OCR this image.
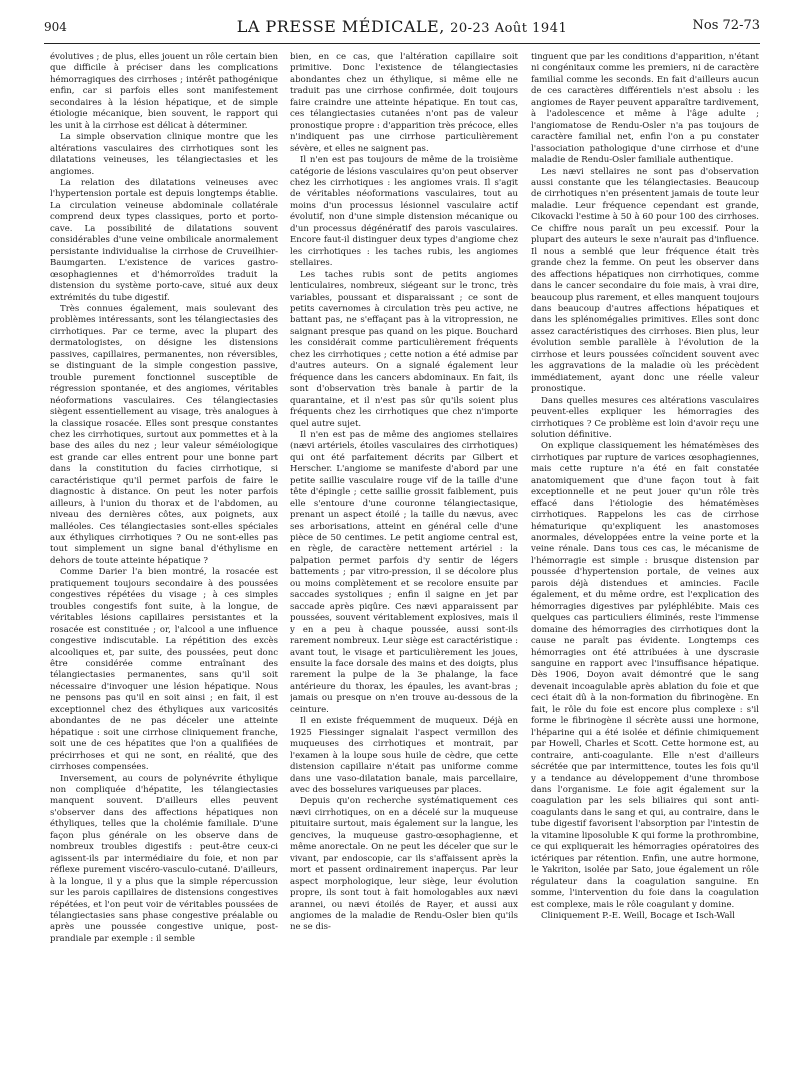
904	LA PRESSE MÉDICALE, 20-23 Août 1941	Nos 72-73

évolutives ; de plus, elles jouent un rôle certain bien que difficile à préciser dans les complications hémorragiques des cirrhoses ; intérêt pathogénique enfin, car si parfois elles sont manifestement secondaires à la lésion hépatique, et de simple étiologie mécanique, bien souvent, le rapport qui les unit à la cirrhose est délicat à déterminer.

La simple observation clinique montre que les altérations vasculaires des cirrhotiques sont les dilatations veineuses, les télangiectasies et les angiomes.

La relation des dilatations veineuses avec l'hypertension portale est depuis longtemps établie. La circulation veineuse abdominale collatérale comprend deux types classiques, porto et porto-cave. La possibilité de dilatations souvent considérables d'une veine ombilicale anormalement persistante individualise la cirrhose de Cruveilhier-Baumgarten. L'existence de varices gastro-œsophagiennes et d'hémorroïdes traduit la distension du système porto-cave, situé aux deux extrémités du tube digestif.

Très connues également, mais soulevant des problèmes intéressants, sont les télangiectasies des cirrhotiques. Par ce terme, avec la plupart des dermatologistes, on désigne les distensions passives, capillaires, permanentes, non réversibles, se distinguant de la simple congestion passive, trouble purement fonctionnel susceptible de régression spontanée, et des angiomes, véritables néoformations vasculaires. Ces télangiectasies siègent essentiellement au visage, très analogues à la classique rosacée. Elles sont presque constantes chez les cirrhotiques, surtout aux pommettes et à la base des ailes du nez ; leur valeur séméiologique est grande car elles entrent pour une bonne part dans la constitution du facies cirrhotique, si caractéristique qu'il permet parfois de faire le diagnostic à distance. On peut les noter parfois ailleurs, à l'union du thorax et de l'abdomen, au niveau des dernières côtes, aux poignets, aux malléoles. Ces télangiectasies sont-elles spéciales aux éthyliques cirrhotiques ? Ou ne sont-elles pas tout simplement un signe banal d'éthylisme en dehors de toute atteinte hépatique ?

Comme Darier l'a bien montré, la rosacée est pratiquement toujours secondaire à des poussées congestives répétées du visage ; à ces simples troubles congestifs font suite, à la longue, de véritables lésions capillaires persistantes et la rosacée est constituée ; or, l'alcool a une influence congestive indiscutable. La répétition des excès alcooliques et, par suite, des poussées, peut donc être considérée comme entraînant des télangiectasies permanentes, sans qu'il soit nécessaire d'invoquer une lésion hépatique. Nous ne pensons pas qu'il en soit ainsi ; en fait, il est exceptionnel chez des éthyliques aux varicosités abondantes de ne pas déceler une atteinte hépatique : soit une cirrhose cliniquement franche, soit une de ces hépatites que l'on a qualifiées de précirrhoses et qui ne sont, en réalité, que des cirrhoses compensées.

Inversement, au cours de polynévrite éthylique non compliquée d'hépatite, les télangiectasies manquent souvent. D'ailleurs elles peuvent s'observer dans des affections hépatiques non éthyliques, telles que la cholémie familiale. D'une façon plus générale on les observe dans de nombreux troubles digestifs : peut-être ceux-ci agissent-ils par intermédiaire du foie, et non par réflexe purement viscéro-vasculo-cutané. D'ailleurs, à la longue, il y a plus que la simple répercussion sur les parois capillaires de distensions congestives répétées, et l'on peut voir de véritables poussées de télangiectasies sans phase congestive préalable ou après une poussée congestive unique, post-prandiale par exemple : il semble

bien, en ce cas, que l'altération capillaire soit primitive. Donc l'existence de télangiectasies abondantes chez un éthylique, si même elle ne traduit pas une cirrhose confirmée, doit toujours faire craindre une atteinte hépatique. En tout cas, ces télangiectasies cutanées n'ont pas de valeur pronostique propre : d'apparition très précoce, elles n'indiquent pas une cirrhose particulièrement sévère, et elles ne saignent pas.

Il n'en est pas toujours de même de la troisième catégorie de lésions vasculaires qu'on peut observer chez les cirrhotiques : les angiomes vrais. Il s'agit de véritables néoformations vasculaires, tout au moins d'un processus lésionnel vasculaire actif évolutif, non d'une simple distension mécanique ou d'un processus dégénératif des parois vasculaires. Encore faut-il distinguer deux types d'angiome chez les cirrhotiques : les taches rubis, les angiomes stellaires.

Les taches rubis sont de petits angiomes lenticulaires, nombreux, siégeant sur le tronc, très variables, poussant et disparaissant ; ce sont de petits cavernomes à circulation très peu active, ne battant pas, ne s'effaçant pas à la vitropression, ne saignant presque pas quand on les pique. Bouchard les considérait comme particulièrement fréquents chez les cirrhotiques ; cette notion a été admise par d'autres auteurs. On a signalé également leur fréquence dans les cancers abdominaux. En fait, ils sont d'observation très banale à partir de la quarantaine, et il n'est pas sûr qu'ils soient plus fréquents chez les cirrhotiques que chez n'importe quel autre sujet.

Il n'en est pas de même des angiomes stellaires (nævi artériels, étoiles vasculaires des cirrhotiques) qui ont été parfaitement décrits par Gilbert et Herscher. L'angiome se manifeste d'abord par une petite saillie vasculaire rouge vif de la taille d'une tête d'épingle ; cette saillie grossit faiblement, puis elle s'entoure d'une couronne télangiectasique, prenant un aspect étoilé ; la taille du nævus, avec ses arborisations, atteint en général celle d'une pièce de 50 centimes. Le petit angiome central est, en règle, de caractère nettement artériel : la palpation permet parfois d'y sentir de légers battements ; par vitro-pression, il se décolore plus ou moins complètement et se recolore ensuite par saccades systoliques ; enfin il saigne en jet par saccade après piqûre. Ces nævi apparaissent par poussées, souvent véritablement explosives, mais il y en a peu à chaque poussée, aussi sont-ils rarement nombreux. Leur siège est caractéristique : avant tout, le visage et particulièrement les joues, ensuite la face dorsale des mains et des doigts, plus rarement la pulpe de la 3e phalange, la face antérieure du thorax, les épaules, les avant-bras ; jamais ou presque on n'en trouve au-dessous de la ceinture.

Il en existe fréquemment de muqueux. Déjà en 1925 Fiessinger signalait l'aspect vermillon des muqueuses des cirrhotiques et montrait, par l'examen à la loupe sous huile de cèdre, que cette distension capillaire n'était pas uniforme comme dans une vaso-dilatation banale, mais parcellaire, avec des bosselures variqueuses par places.

Depuis qu'on recherche systématiquement ces nævi cirrhotiques, on en a décelé sur la muqueuse pituitaire surtout, mais également sur la langue, les gencives, la muqueuse gastro-œsophagienne, et même anorectale. On ne peut les déceler que sur le vivant, par endoscopie, car ils s'affaissent après la mort et passent ordinairement inaperçus. Par leur aspect morphologique, leur siège, leur évolution propre, ils sont tout à fait homologables aux nævi arannei, ou nævi étoilés de Rayer, et aussi aux angiomes de la maladie de Rendu-Osler bien qu'ils ne se dis-

tinguent que par les conditions d'apparition, n'étant ni congénitaux comme les premiers, ni de caractère familial comme les seconds. En fait d'ailleurs aucun de ces caractères différentiels n'est absolu : les angiomes de Rayer peuvent apparaître tardivement, à l'adolescence et même à l'âge adulte ; l'angiomatose de Rendu-Osler n'a pas toujours de caractère familial net, enfin l'on a pu constater l'association pathologique d'une cirrhose et d'une maladie de Rendu-Osler familiale authentique.

Les nævi stellaires ne sont pas d'observation aussi constante que les télangiectasies. Beaucoup de cirrhotiques n'en présentent jamais de toute leur maladie. Leur fréquence cependant est grande, Cikovacki l'estime à 50 à 60 pour 100 des cirrhoses. Ce chiffre nous paraît un peu excessif. Pour la plupart des auteurs le sexe n'aurait pas d'influence. Il nous a semblé que leur fréquence était très grande chez la femme. On peut les observer dans des affections hépatiques non cirrhotiques, comme dans le cancer secondaire du foie mais, à vrai dire, beaucoup plus rarement, et elles manquent toujours dans beaucoup d'autres affections hépatiques et dans les splénomégalies primitives. Elles sont donc assez caractéristiques des cirrhoses. Bien plus, leur évolution semble parallèle à l'évolution de la cirrhose et leurs poussées coïncident souvent avec les aggravations de la maladie où les précèdent immédiatement, ayant donc une réelle valeur pronostique.

Dans quelles mesures ces altérations vasculaires peuvent-elles expliquer les hémorragies des cirrhotiques ? Ce problème est loin d'avoir reçu une solution définitive.

On explique classiquement les hématémèses des cirrhotiques par rupture de varices œsophagiennes, mais cette rupture n'a été en fait constatée anatomiquement que d'une façon tout à fait exceptionnelle et ne peut jouer qu'un rôle très effacé dans l'étiologie des hématémèses cirrhotiques. Rappelons les cas de cirrhose hématurique qu'expliquent les anastomoses anormales, développées entre la veine porte et la veine rénale. Dans tous ces cas, le mécanisme de l'hémorragie est simple : brusque distension par poussée d'hypertension portale, de veines aux parois déjà distendues et amincies. Facile également, et du même ordre, est l'explication des hémorragies digestives par pyléphlébite. Mais ces quelques cas particuliers éliminés, reste l'immense domaine des hémorragies des cirrhotiques dont la cause ne paraît pas évidente. Longtemps ces hémorragies ont été attribuées à une dyscrasie sanguine en rapport avec l'insuffisance hépatique. Dès 1906, Doyon avait démontré que le sang devenait incoagulable après ablation du foie et que ceci était dû à la non-formation du fibrinogène. En fait, le rôle du foie est encore plus complexe : s'il forme le fibrinogène il sécrète aussi une hormone, l'héparine qui a été isolée et définie chimiquement par Howell, Charles et Scott. Cette hormone est, au contraire, anti-coagulante. Elle n'est d'ailleurs sécrétée que par intermittence, toutes les fois qu'il y a tendance au développement d'une thrombose dans l'organisme. Le foie agit également sur la coagulation par les sels biliaires qui sont anti-coagulants dans le sang et qui, au contraire, dans le tube digestif favorisent l'absorption par l'intestin de la vitamine liposoluble K qui forme la prothrombine, ce qui expliquerait les hémorragies opératoires des ictériques par rétention. Enfin, une autre hormone, le Yakriton, isolée par Sato, joue également un rôle régulateur dans la coagulation sanguine. En somme, l'intervention du foie dans la coagulation est complexe, mais le rôle coagulant y domine.

Cliniquement P.-E. Weill, Bocage et Isch-Wall
